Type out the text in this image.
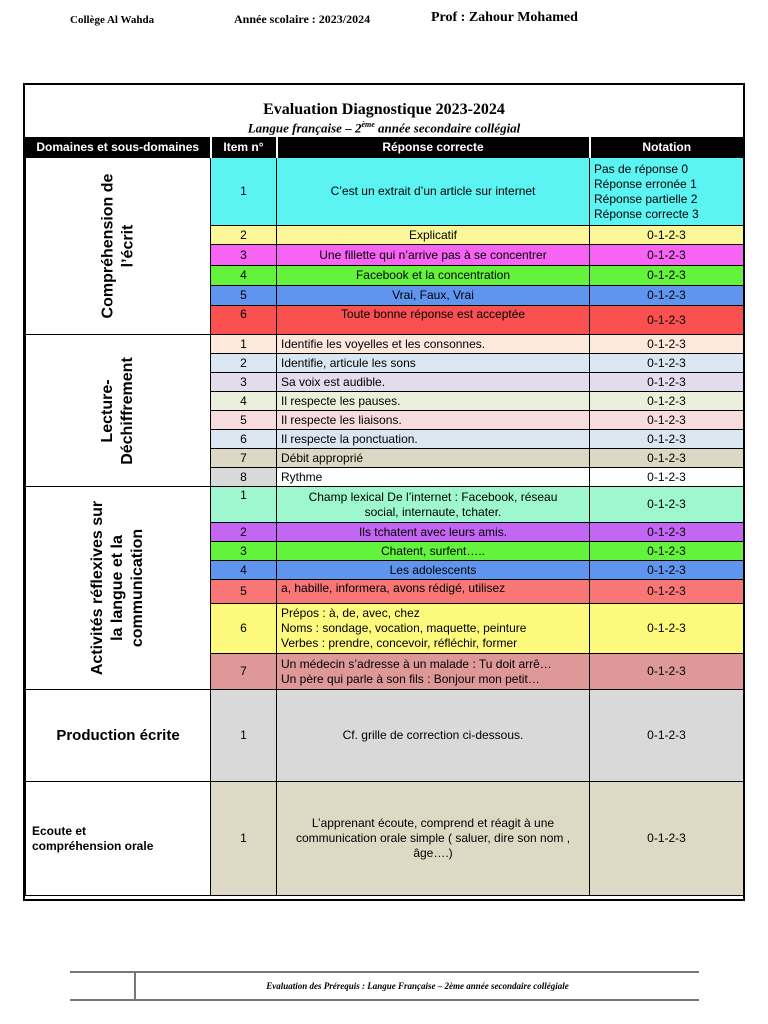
Collège Al Wahda	Année scolaire : 2023/2024	Prof : Zahour Mohamed
Evaluation Diagnostique 2023-2024
Langue française – 2ème année secondaire collégial
Domaines et sous-domaines	Item n°	Réponse correcte	Notation
Compréhension de l’écrit	1	C’est un extrait d’un article sur internet	Pas de réponse 0
Réponse erronée 1
Réponse partielle 2
Réponse correcte 3
	2	Explicatif	0-1-2-3
	3	Une fillette qui n’arrive pas à se concentrer	0-1-2-3
	4	Facebook et la concentration	0-1-2-3
	5	Vrai, Faux, Vrai	0-1-2-3
	6	Toute bonne réponse est acceptée	0-1-2-3
Lecture- Déchiffrement	1	Identifie les voyelles et les consonnes.	0-1-2-3
	2	Identifie, articule les sons	0-1-2-3
	3	Sa voix est audible.	0-1-2-3
	4	Il respecte les pauses.	0-1-2-3
	5	Il respecte les liaisons.	0-1-2-3
	6	Il respecte la ponctuation.	0-1-2-3
	7	Débit approprié	0-1-2-3
	8	Rythme	0-1-2-3
Activités réflexives sur la langue et la communication	1	Champ lexical De l’internet : Facebook, réseau
social, internaute, tchater.	0-1-2-3
	2	Ils tchatent avec leurs amis.	0-1-2-3
	3	Chatent, surfent…..	0-1-2-3
	4	Les adolescents	0-1-2-3
	5	a, habille, informera, avons rédigé, utilisez	0-1-2-3
	6	Prépos : à, de, avec, chez
Noms : sondage, vocation, maquette, peinture
Verbes : prendre, concevoir, réfléchir, former	0-1-2-3
	7	Un médecin s’adresse à un malade : Tu doit arrê…
Un père qui parle à son fils : Bonjour mon petit…	0-1-2-3
Production écrite	1	Cf. grille de correction ci-dessous.	0-1-2-3
Ecoute et
compréhension orale	1	L’apprenant écoute, comprend et réagit à une
communication orale simple ( saluer, dire son nom ,
âge….)	0-1-2-3
Evaluation des Prérequis : Langue Française – 2ème année secondaire collégiale
